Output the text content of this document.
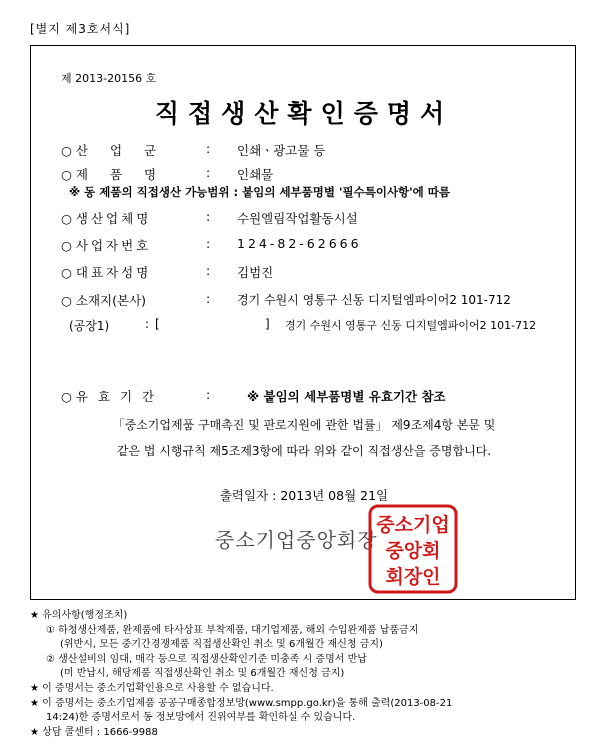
[별지 제3호서식]
제 2013-20156 호
직접생산확인증명서
○ 산 업 군	: 인쇄ㆍ광고물 등
○ 제 품 명	: 인쇄물
※ 동 제품의 직접생산 가능범위 : 붙임의 세부품명별 '필수특이사항'에 따름
○ 생산업체명	: 수원엘림작업활동시설
○ 사업자번호	: 124-82-62666
○ 대표자성명	: 김범진
○ 소재지(본사)	: 경기 수원시 영통구 신동 디지털엠파이어2 101-712
(공장1)	: [	] 경기 수원시 영통구 신동 디지털엠파이어2 101-712
○ 유 효 기 간	:	※ 붙임의 세부품명별 유효기간 참조
「중소기업제품 구매촉진 및 판로지원에 관한 법률」 제9조제4항 본문 및
같은 법 시행규칙 제5조제3항에 따라 위와 같이 직접생산을 증명합니다.
출력일자 : 2013년 08월 21일
중소기업중앙회장
중소기업
중앙회
회장인
★ 유의사항(행정조치)
① 하청생산제품, 완제품에 타사상표 부착제품, 대기업제품, 해외 수입완제품 납품금지
(위반시, 모든 중기간경쟁제품 직접생산확인 취소 및 6개월간 재신청 금지)
② 생산설비의 임대, 매각 등으로 직접생산확인기준 미충족 시 증명서 반납
(미 반납시, 해당제품 직접생산확인 취소 및 6개월간 재신청 금지)
★ 이 증명서는 중소기업확인용으로 사용할 수 없습니다.
★ 이 증명서는 중소기업제품 공공구매종합정보망(www.smpp.go.kr)을 통해 출력(2013-08-21
14:24)한 증명서로서 동 정보망에서 진위여부를 확인하실 수 있습니다.
★ 상담 콜센터 : 1666-9988
